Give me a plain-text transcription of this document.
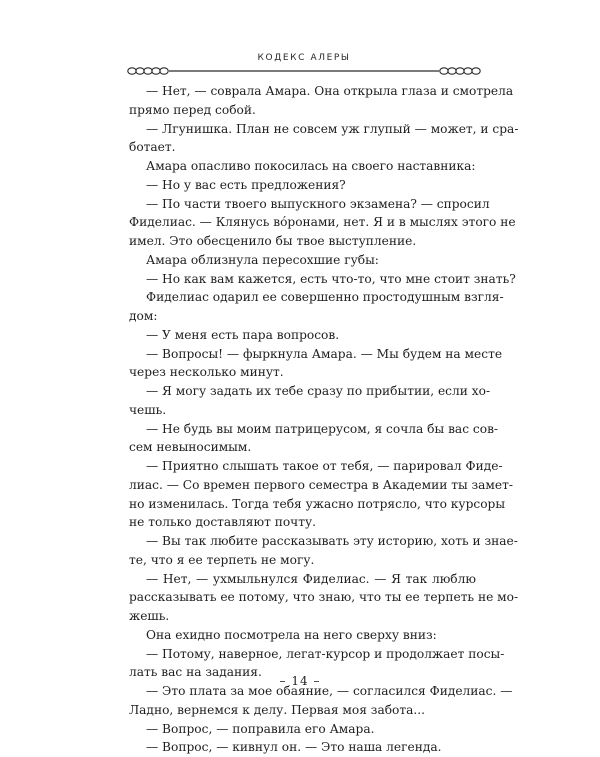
КОДЕКС АЛЕРЫ
— Нет, — соврала Амара. Она открыла глаза и смотрела
прямо перед собой.
— Лгунишка. План не совсем уж глупый — может, и сра-
ботает.
Амара опасливо покосилась на своего наставника:
— Но у вас есть предложения?
— По части твоего выпускного экзамена? — спросил
Фиделиас. — Клянусь вóронами, нет. Я и в мыслях этого не
имел. Это обесценило бы твое выступление.
Амара облизнула пересохшие губы:
— Но как вам кажется, есть что-то, что мне стоит знать?
Фиделиас одарил ее совершенно простодушным взгля-
дом:
— У меня есть пара вопросов.
— Вопросы! — фыркнула Амара. — Мы будем на месте
через несколько минут.
— Я могу задать их тебе сразу по прибытии, если хо-
чешь.
— Не будь вы моим патрицерусом, я сочла бы вас сов-
сем невыносимым.
— Приятно слышать такое от тебя, — парировал Фиде-
лиас. — Со времен первого семестра в Академии ты замет-
но изменилась. Тогда тебя ужасно потрясло, что курсоры
не только доставляют почту.
— Вы так любите рассказывать эту историю, хоть и знае-
те, что я ее терпеть не могу.
— Нет, — ухмыльнулся Фиделиас. — Я так люблю
рассказывать ее потому, что знаю, что ты ее терпеть не мо-
жешь.
Она ехидно посмотрела на него сверху вниз:
— Потому, наверное, легат-курсор и продолжает посы-
лать вас на задания.
— Это плата за мое обаяние, — согласился Фиделиас. —
Ладно, вернемся к делу. Первая моя забота...
— Вопрос, — поправила его Амара.
— Вопрос, — кивнул он. — Это наша легенда.
– 14 –
